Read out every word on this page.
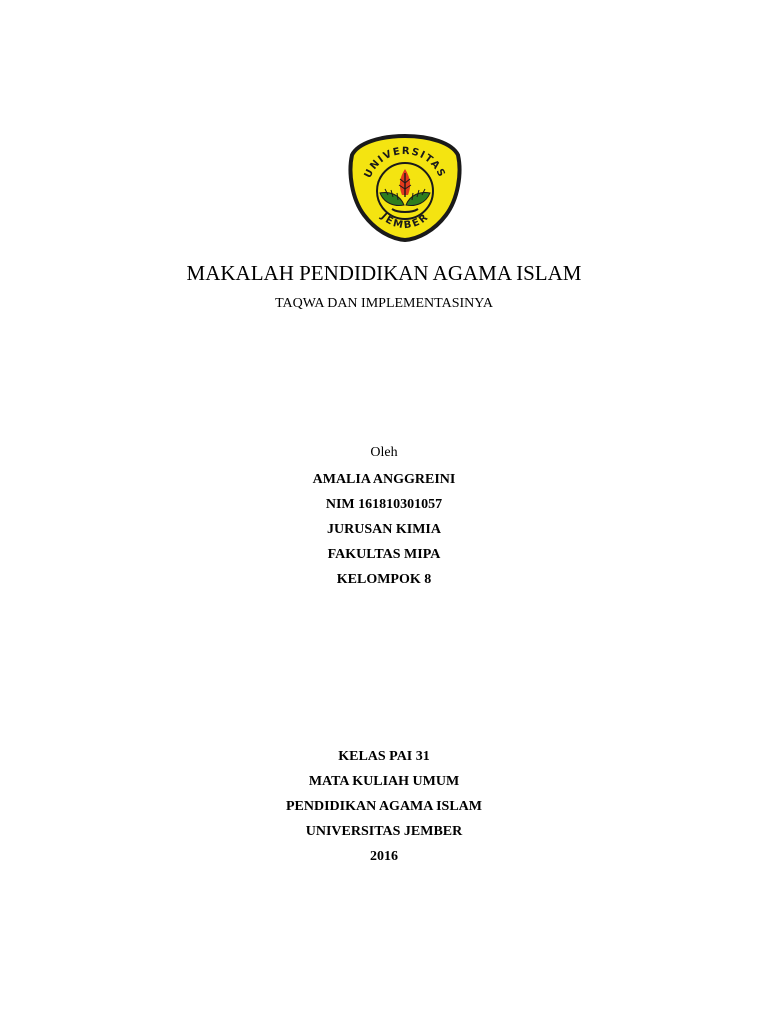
UNIVERSITAS
JEMBER
MAKALAH PENDIDIKAN AGAMA ISLAM
TAQWA DAN IMPLEMENTASINYA
Oleh
AMALIA ANGGREINI
NIM 161810301057
JURUSAN KIMIA
FAKULTAS MIPA
KELOMPOK 8
KELAS PAI 31
MATA KULIAH UMUM
PENDIDIKAN AGAMA ISLAM
UNIVERSITAS JEMBER
2016
